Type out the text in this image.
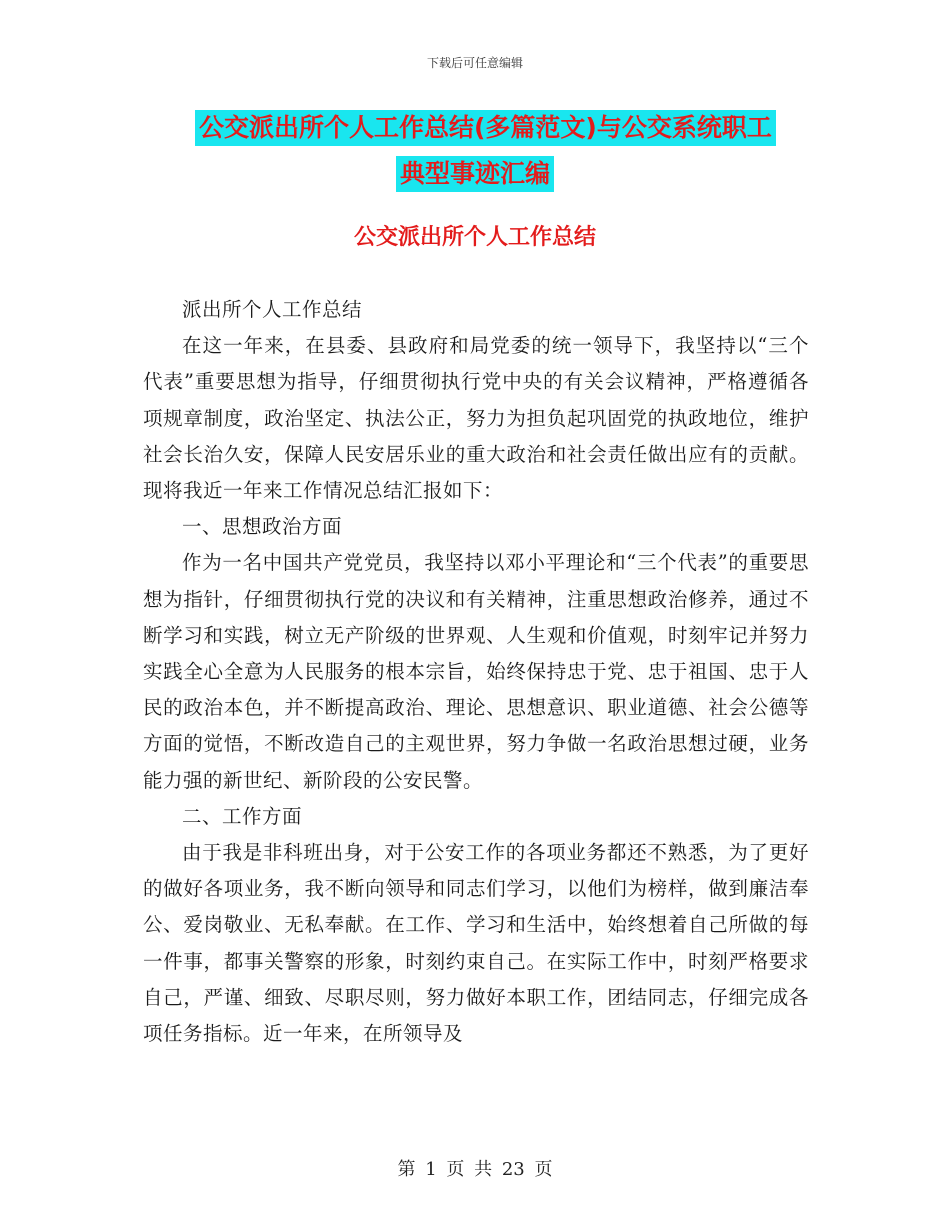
下载后可任意编辑
公交派出所个人工作总结(多篇范文)与公交系统职工
典型事迹汇编
公交派出所个人工作总结

派出所个人工作总结

在这一年来，在县委、县政府和局党委的统一领导下，我坚持以“三个代表”重要思想为指导，仔细贯彻执行党中央的有关会议精神，严格遵循各项规章制度，政治坚定、执法公正，努力为担负起巩固党的执政地位，维护社会长治久安，保障人民安居乐业的重大政治和社会责任做出应有的贡献。现将我近一年来工作情况总结汇报如下：

一、思想政治方面

作为一名中国共产党党员，我坚持以邓小平理论和“三个代表”的重要思想为指针，仔细贯彻执行党的决议和有关精神，注重思想政治修养，通过不断学习和实践，树立无产阶级的世界观、人生观和价值观，时刻牢记并努力实践全心全意为人民服务的根本宗旨，始终保持忠于党、忠于祖国、忠于人民的政治本色，并不断提高政治、理论、思想意识、职业道德、社会公德等方面的觉悟，不断改造自己的主观世界，努力争做一名政治思想过硬，业务能力强的新世纪、新阶段的公安民警。

二、工作方面

由于我是非科班出身，对于公安工作的各项业务都还不熟悉，为了更好的做好各项业务，我不断向领导和同志们学习，以他们为榜样，做到廉洁奉公、爱岗敬业、无私奉献。在工作、学习和生活中，始终想着自己所做的每一件事，都事关警察的形象，时刻约束自己。在实际工作中，时刻严格要求自己，严谨、细致、尽职尽则，努力做好本职工作，团结同志，仔细完成各项任务指标。近一年来，在所领导及

第 1 页 共 23 页
